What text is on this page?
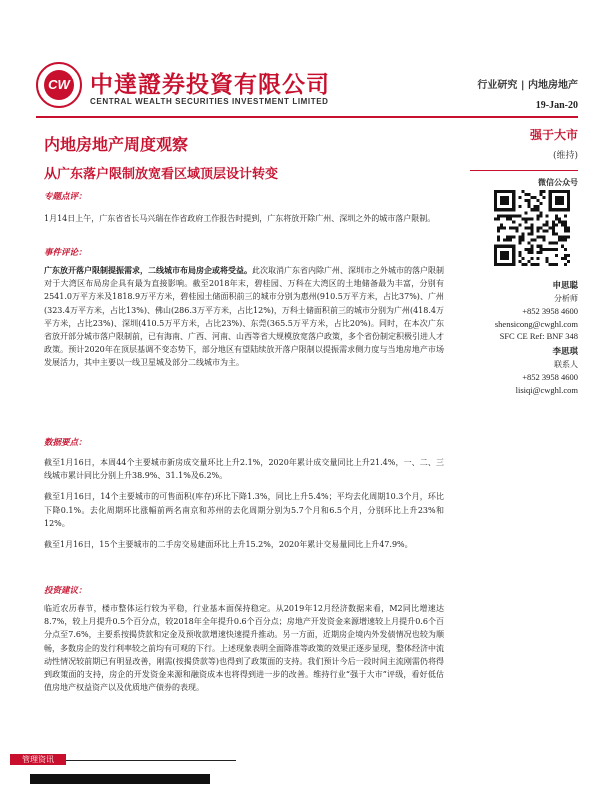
CW 中達證券投資有限公司
CENTRAL WEALTH SECURITIES INVESTMENT LIMITED
行业研究 | 内地房地产
19-Jan-20
内地房地产周度观察
从广东落户限制放宽看区域顶层设计转变
强于大市
(维持)
微信公众号
申思聪
分析师
+852 3958 4600
shensicong@cwghl.com
SFC CE Ref: BNF 348
李思琪
联系人
+852 3958 4600
lisiqi@cwghl.com
专题点评：
1月14日上午，广东省省长马兴瑞在作省政府工作报告时提到，广东将放开除广州、深圳之外的城市落户限制。
事件评论：
广东放开落户限制提振需求，二线城市布局房企或将受益。此次取消广东省内除广州、深圳市之外城市的落户限制对于大湾区布局房企具有最为直接影响。截至2018年末，碧桂园、万科在大湾区的土地储备最为丰富，分别有2541.0万平方米及1818.9万平方米，碧桂园土储面积前三的城市分别为惠州(910.5万平方米，占比37%)、广州(323.4万平方米，占比13%)、佛山(286.3万平方米，占比12%)，万科土储面积前三的城市分别为广州(418.4万平方米，占比23%)、深圳(410.5万平方米，占比23%)、东莞(365.5万平方米，占比20%)。同时，在本次广东省放开部分城市落户限制前，已有海南、广西、河南、山西等省大规模放宽落户政策，多个省份制定积极引进人才政策。预计2020年在顶层基调不变态势下，部分地区有望陆续放开落户限制以提振需求侧力度与当地房地产市场发展活力，其中主要以一线卫星城及部分二线城市为主。
数据要点：
截至1月16日，本周44个主要城市新房成交量环比上升2.1%，2020年累计成交量同比上升21.4%，一、二、三线城市累计同比分别上升38.9%、31.1%及6.2%。
截至1月16日，14个主要城市的可售面积(库存)环比下降1.3%，同比上升5.4%；平均去化周期10.3个月，环比下降0.1%。去化周期环比涨幅前两名南京和苏州的去化周期分别为5.7个月和6.5个月，分别环比上升23%和12%。
截至1月16日，15个主要城市的二手房交易建面环比上升15.2%，2020年累计交易量同比上升47.9%。
投资建议：
临近农历春节，楼市整体运行较为平稳，行业基本面保持稳定。从2019年12月经济数据来看，M2同比增速达8.7%，较上月提升0.5个百分点，较2018年全年提升0.6个百分点；房地产开发资金来源增速较上月提升0.6个百分点至7.6%，主要系按揭贷款和定金及预收款增速快速提升推动。另一方面，近期房企境内外发债情况也较为顺畅，多数房企的发行利率较之前均有可观的下行。上述现象表明全面降准等政策的效果正逐步显现，整体经济中流动性情况较前期已有明显改善，刚需(按揭贷款等)也得到了政策面的支持。我们预计今后一段时间主流刚需仍将得到政策面的支持，房企的开发资金来源和融资成本也将得到进一步的改善。维持行业“强于大市”评级，看好低估值房地产权益资产以及优质地产债券的表现。
管理资讯
